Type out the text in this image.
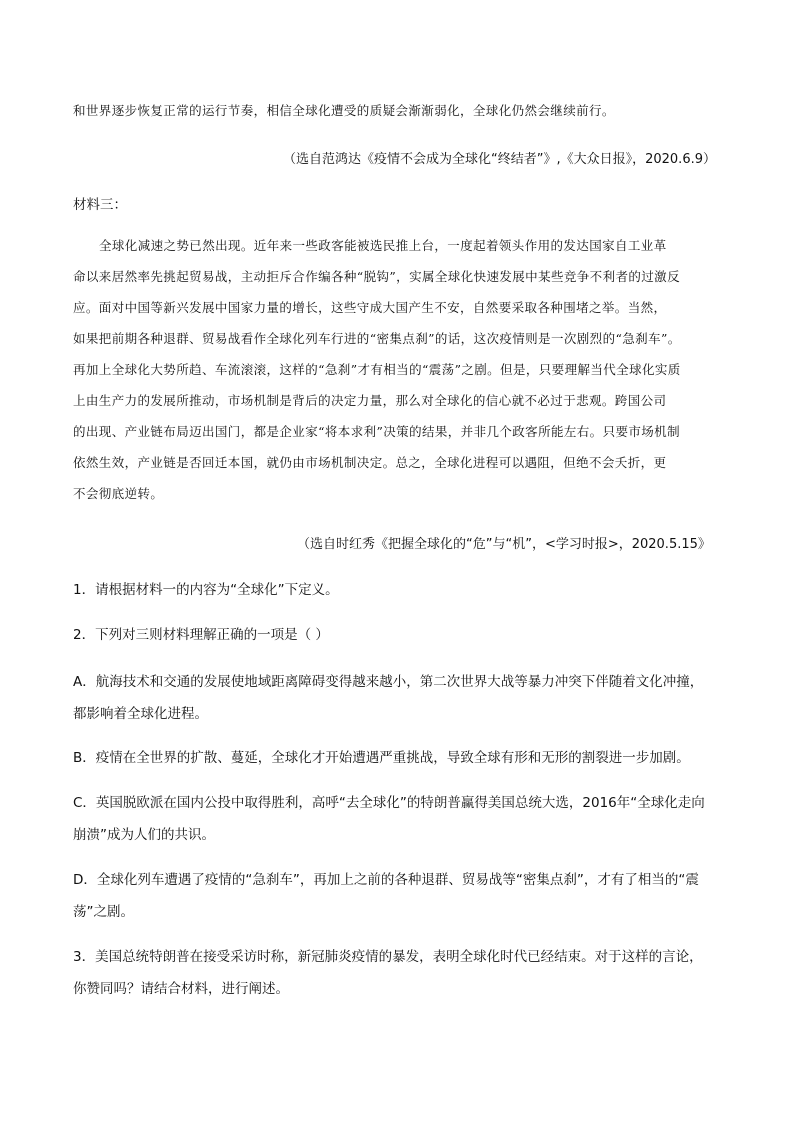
和世界逐步恢复正常的运行节奏，相信全球化遭受的质疑会渐渐弱化，全球化仍然会继续前行。
（选自范鸿达《疫情不会成为全球化“终结者”》,《大众日报》，2020.6.9）
材料三：
全球化减速之势已然出现。近年来一些政客能被选民推上台，一度起着领头作用的发达国家自工业革
命以来居然率先挑起贸易战，主动拒斥合作编各种“脱钩”，实属全球化快速发展中某些竞争不利者的过激反
应。面对中国等新兴发展中国家力量的增长，这些守成大国产生不安，自然要采取各种围堵之举。当然，
如果把前期各种退群、贸易战看作全球化列车行进的“密集点刹”的话，这次疫情则是一次剧烈的“急刹车”。
再加上全球化大势所趋、车流滚滚，这样的“急刹”才有相当的“震荡”之剧。但是，只要理解当代全球化实质
上由生产力的发展所推动，市场机制是背后的决定力量，那么对全球化的信心就不必过于悲观。跨国公司
的出现、产业链布局迈出国门，都是企业家“将本求利”决策的结果，并非几个政客所能左右。只要市场机制
依然生效，产业链是否回迁本国，就仍由市场机制决定。总之，全球化进程可以遇阻，但绝不会夭折，更
不会彻底逆转。
（选自时红秀《把握全球化的“危”与“机”，<学习时报>，2020.5.15》
1．请根据材料一的内容为“全球化”下定义。
2．下列对三则材料理解正确的一项是（ ）
A．航海技术和交通的发展使地域距离障碍变得越来越小，第二次世界大战等暴力冲突下伴随着文化冲撞，
都影响着全球化进程。
B．疫情在全世界的扩散、蔓延，全球化才开始遭遇严重挑战，导致全球有形和无形的割裂进一步加剧。
C．英国脱欧派在国内公投中取得胜利，高呼“去全球化”的特朗普赢得美国总统大选，2016年“全球化走向
崩溃”成为人们的共识。
D．全球化列车遭遇了疫情的“急刹车”，再加上之前的各种退群、贸易战等“密集点刹”，才有了相当的“震
荡”之剧。
3．美国总统特朗普在接受采访时称，新冠肺炎疫情的暴发，表明全球化时代已经结束。对于这样的言论，
你赞同吗？请结合材料，进行阐述。
